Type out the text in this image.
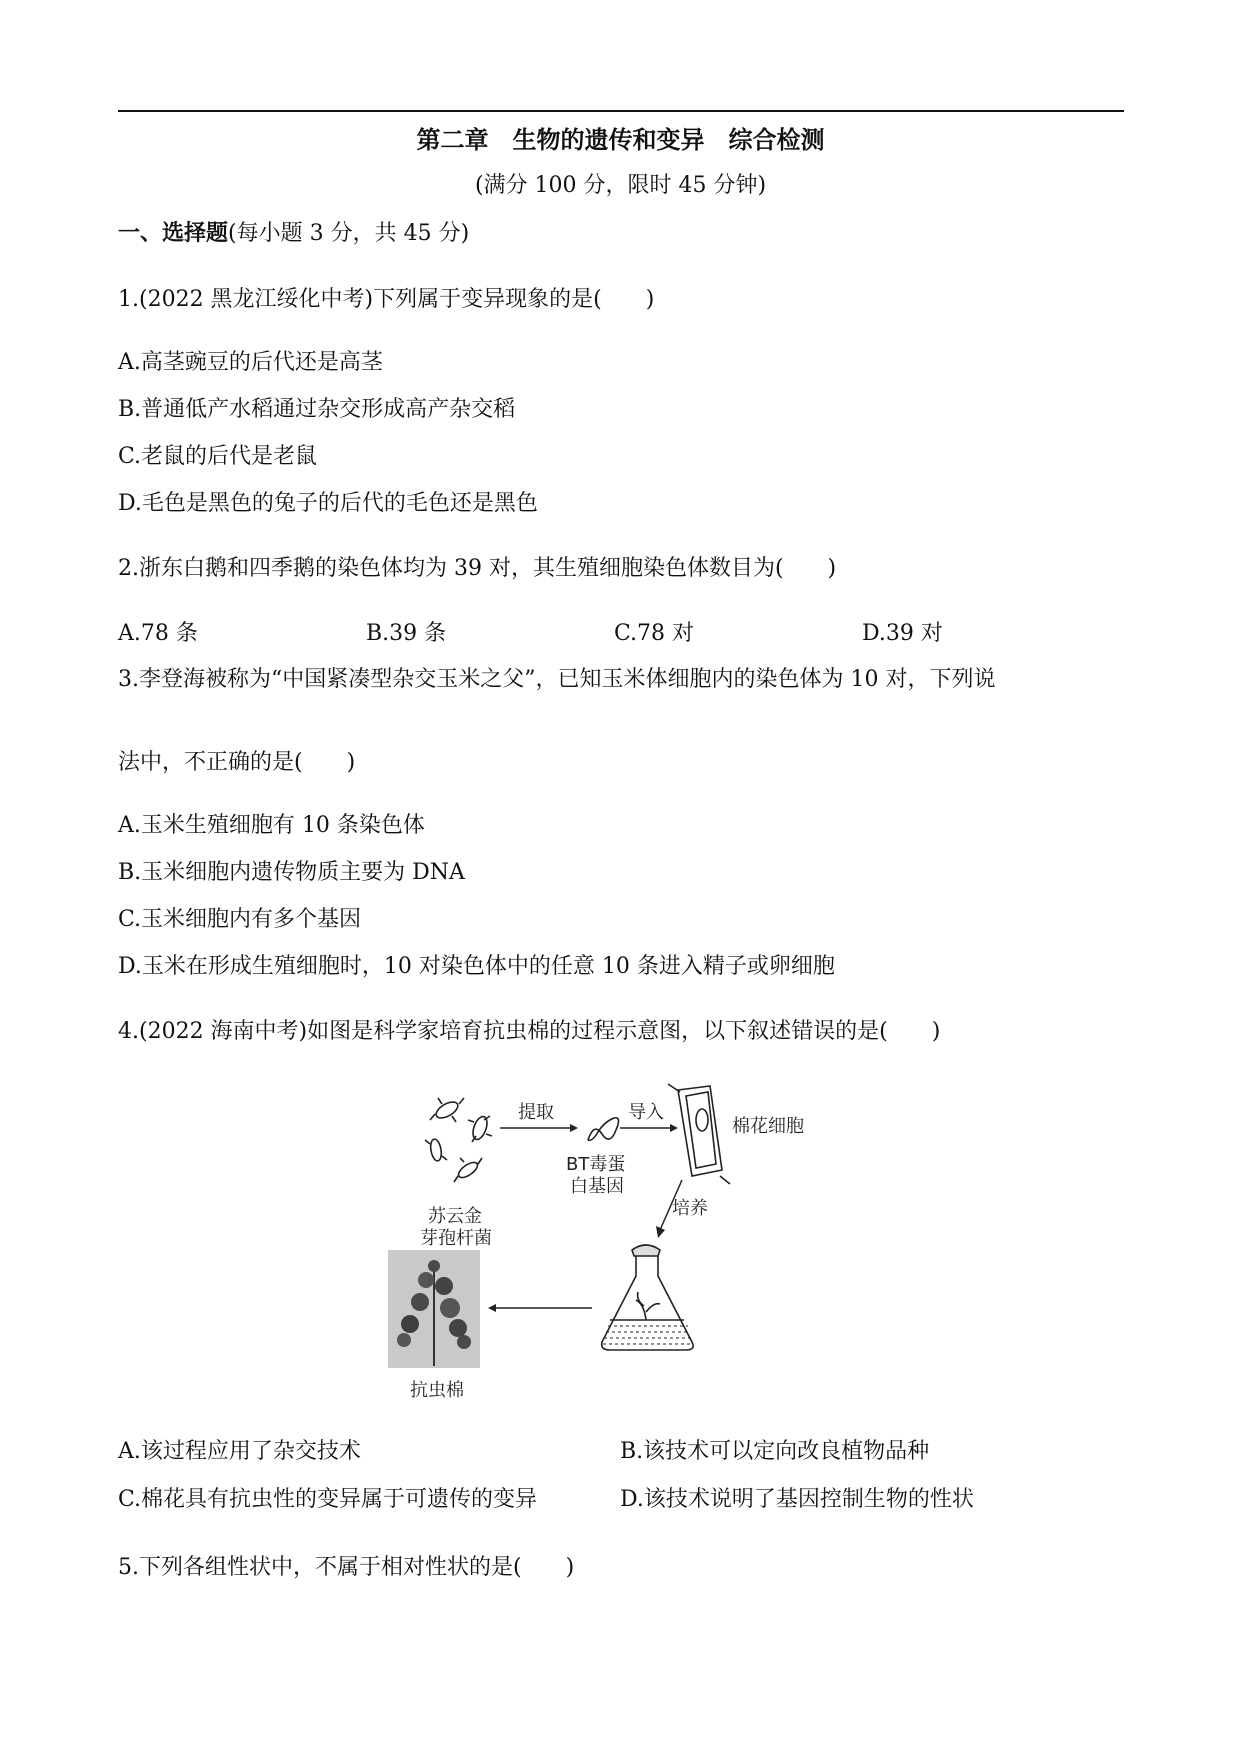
第二章　生物的遗传和变异　综合检测
(满分 100 分，限时 45 分钟)
一、选择题(每小题 3 分，共 45 分)
1.(2022 黑龙江绥化中考)下列属于变异现象的是(　　)
A.高茎豌豆的后代还是高茎
B.普通低产水稻通过杂交形成高产杂交稻
C.老鼠的后代是老鼠
D.毛色是黑色的兔子的后代的毛色还是黑色
2.浙东白鹅和四季鹅的染色体均为 39 对，其生殖细胞染色体数目为(　　)
A.78 条	B.39 条	C.78 对	D.39 对
3.李登海被称为“中国紧凑型杂交玉米之父”，已知玉米体细胞内的染色体为 10 对，下列说
法中，不正确的是(　　)
A.玉米生殖细胞有 10 条染色体
B.玉米细胞内遗传物质主要为 DNA
C.玉米细胞内有多个基因
D.玉米在形成生殖细胞时，10 对染色体中的任意 10 条进入精子或卵细胞
4.(2022 海南中考)如图是科学家培育抗虫棉的过程示意图，以下叙述错误的是(　　)
苏云金
芽孢杆菌
提取
BT毒蛋
白基因
导入
棉花细胞
培养
抗虫棉
A.该过程应用了杂交技术	B.该技术可以定向改良植物品种
C.棉花具有抗虫性的变异属于可遗传的变异	D.该技术说明了基因控制生物的性状
5.下列各组性状中，不属于相对性状的是(　　)
